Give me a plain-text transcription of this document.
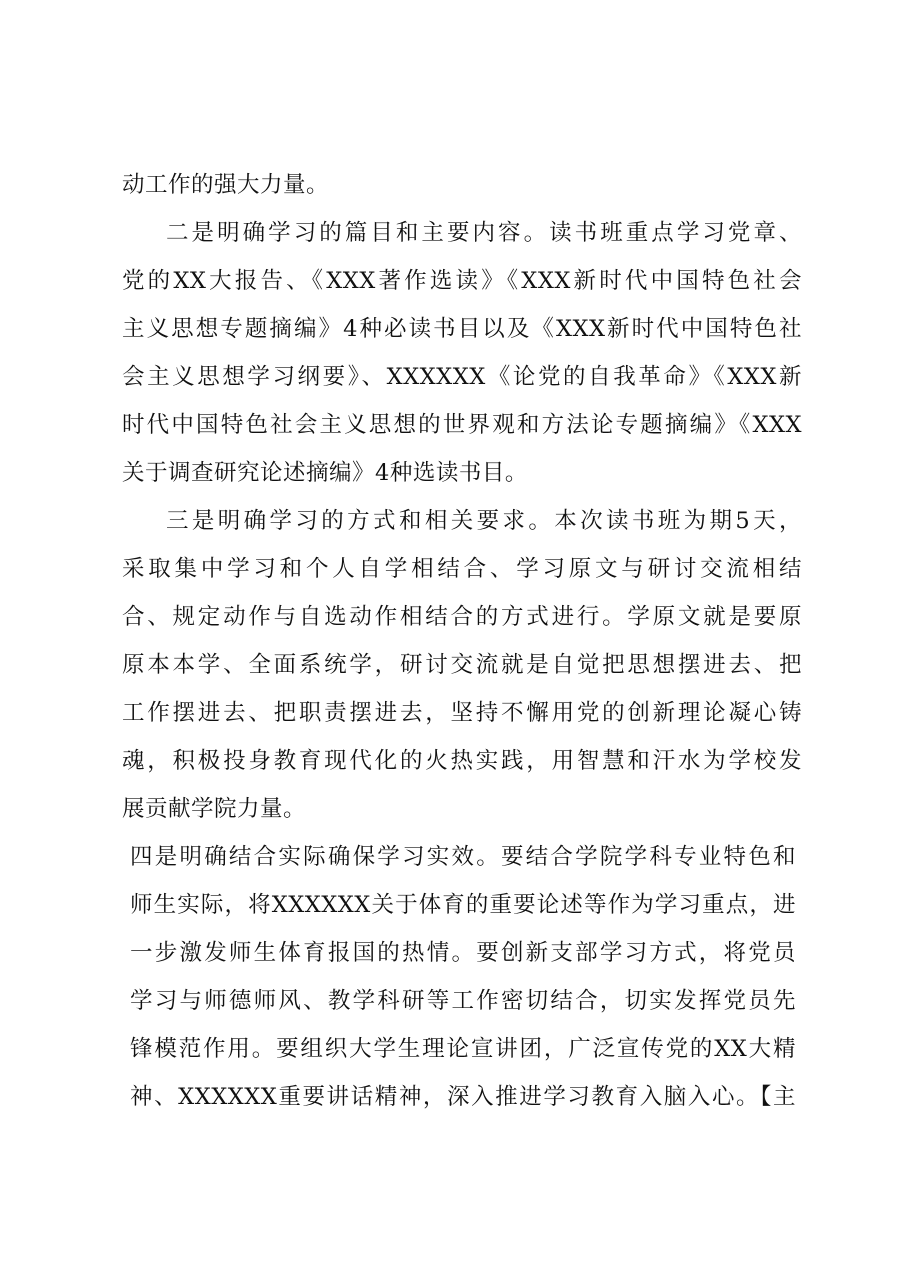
动工作的强大力量。
二是明确学习的篇目和主要内容。读书班重点学习党章、
党的XX大报告、《XXX著作选读》《XXX新时代中国特色社会
主义思想专题摘编》4种必读书目以及《XXX新时代中国特色社
会主义思想学习纲要》、XXXXXX《论党的自我革命》《XXX新
时代中国特色社会主义思想的世界观和方法论专题摘编》《XXX
关于调查研究论述摘编》4种选读书目。
三是明确学习的方式和相关要求。本次读书班为期5天，
采取集中学习和个人自学相结合、学习原文与研讨交流相结
合、规定动作与自选动作相结合的方式进行。学原文就是要原
原本本学、全面系统学，研讨交流就是自觉把思想摆进去、把
工作摆进去、把职责摆进去，坚持不懈用党的创新理论凝心铸
魂，积极投身教育现代化的火热实践，用智慧和汗水为学校发
展贡献学院力量。
四是明确结合实际确保学习实效。要结合学院学科专业特色和
师生实际，将XXXXXX关于体育的重要论述等作为学习重点，进
一步激发师生体育报国的热情。要创新支部学习方式，将党员
学习与师德师风、教学科研等工作密切结合，切实发挥党员先
锋模范作用。要组织大学生理论宣讲团，广泛宣传党的XX大精
神、XXXXXX重要讲话精神，深入推进学习教育入脑入心。【主
